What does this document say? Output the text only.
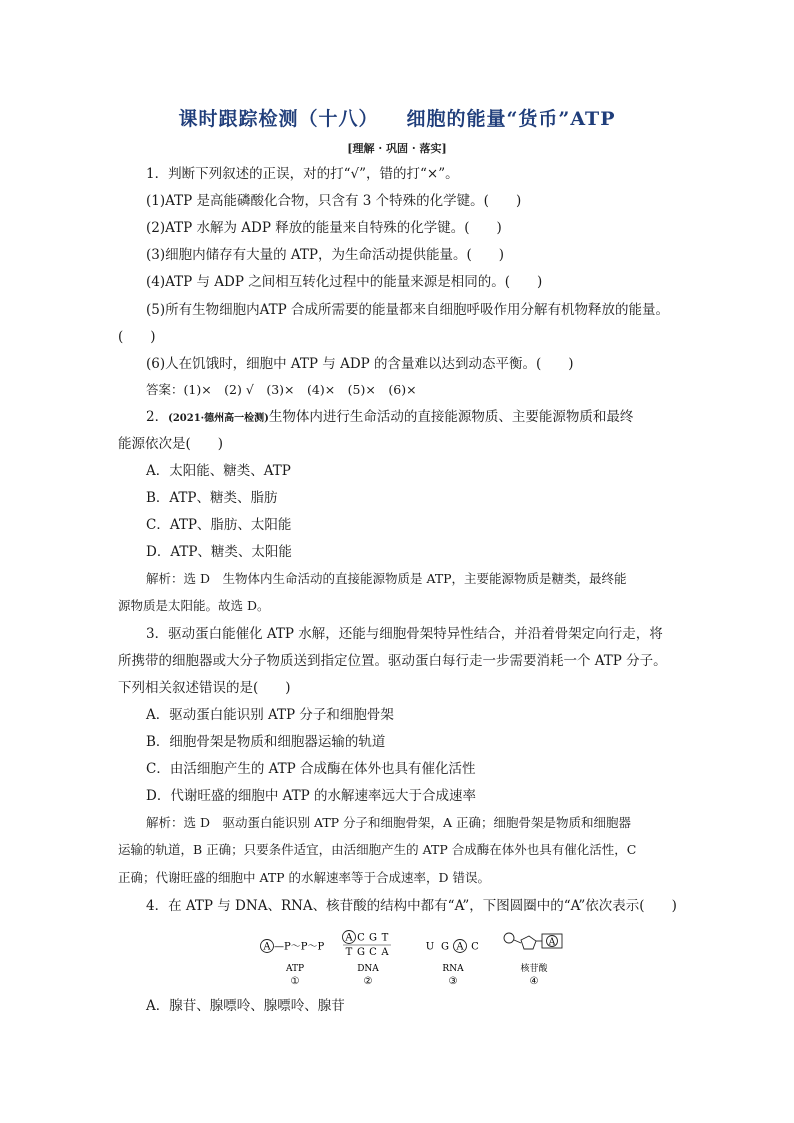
课时跟踪检测（十八） 细胞的能量“货币”ATP
[理解 · 巩固 · 落实]
1．判断下列叙述的正误，对的打“√”，错的打“×”。
(1)ATP 是高能磷酸化合物，只含有 3 个特殊的化学键。(　　)
(2)ATP 水解为 ADP 释放的能量来自特殊的化学键。(　　)
(3)细胞内储存有大量的 ATP，为生命活动提供能量。(　　)
(4)ATP 与 ADP 之间相互转化过程中的能量来源是相同的。(　　)
(5)所有生物细胞内ATP 合成所需要的能量都来自细胞呼吸作用分解有机物释放的能量。
(　　)
(6)人在饥饿时，细胞中 ATP 与 ADP 的含量难以达到动态平衡。(　　)
答案：(1)×　(2) √　(3)×　(4)×　(5)×　(6)×
2．(2021·德州高一检测)生物体内进行生命活动的直接能源物质、主要能源物质和最终
能源依次是(　　)
A．太阳能、糖类、ATP
B．ATP、糖类、脂肪
C．ATP、脂肪、太阳能
D．ATP、糖类、太阳能
解析：选 D　生物体内生命活动的直接能源物质是 ATP，主要能源物质是糖类，最终能
源物质是太阳能。故选 D。
3．驱动蛋白能催化 ATP 水解，还能与细胞骨架特异性结合，并沿着骨架定向行走，将
所携带的细胞器或大分子物质送到指定位置。驱动蛋白每行走一步需要消耗一个 ATP 分子。
下列相关叙述错误的是(　　)
A．驱动蛋白能识别 ATP 分子和细胞骨架
B．细胞骨架是物质和细胞器运输的轨道
C．由活细胞产生的 ATP 合成酶在体外也具有催化活性
D．代谢旺盛的细胞中 ATP 的水解速率远大于合成速率
解析：选 D　驱动蛋白能识别 ATP 分子和细胞骨架，A 正确；细胞骨架是物质和细胞器
运输的轨道，B 正确；只要条件适宜，由活细胞产生的 ATP 合成酶在体外也具有催化活性，C
正确；代谢旺盛的细胞中 ATP 的水解速率等于合成速率，D 错误。
4．在 ATP 与 DNA、RNA、核苷酸的结构中都有“A”，下图圆圈中的“A”依次表示(　　)
A —P～P～P
ATP
①
A C G T
T G C A
DNA
②
U G A C
RNA
③
A
核苷酸
④
A．腺苷、腺嘌呤、腺嘌呤、腺苷
